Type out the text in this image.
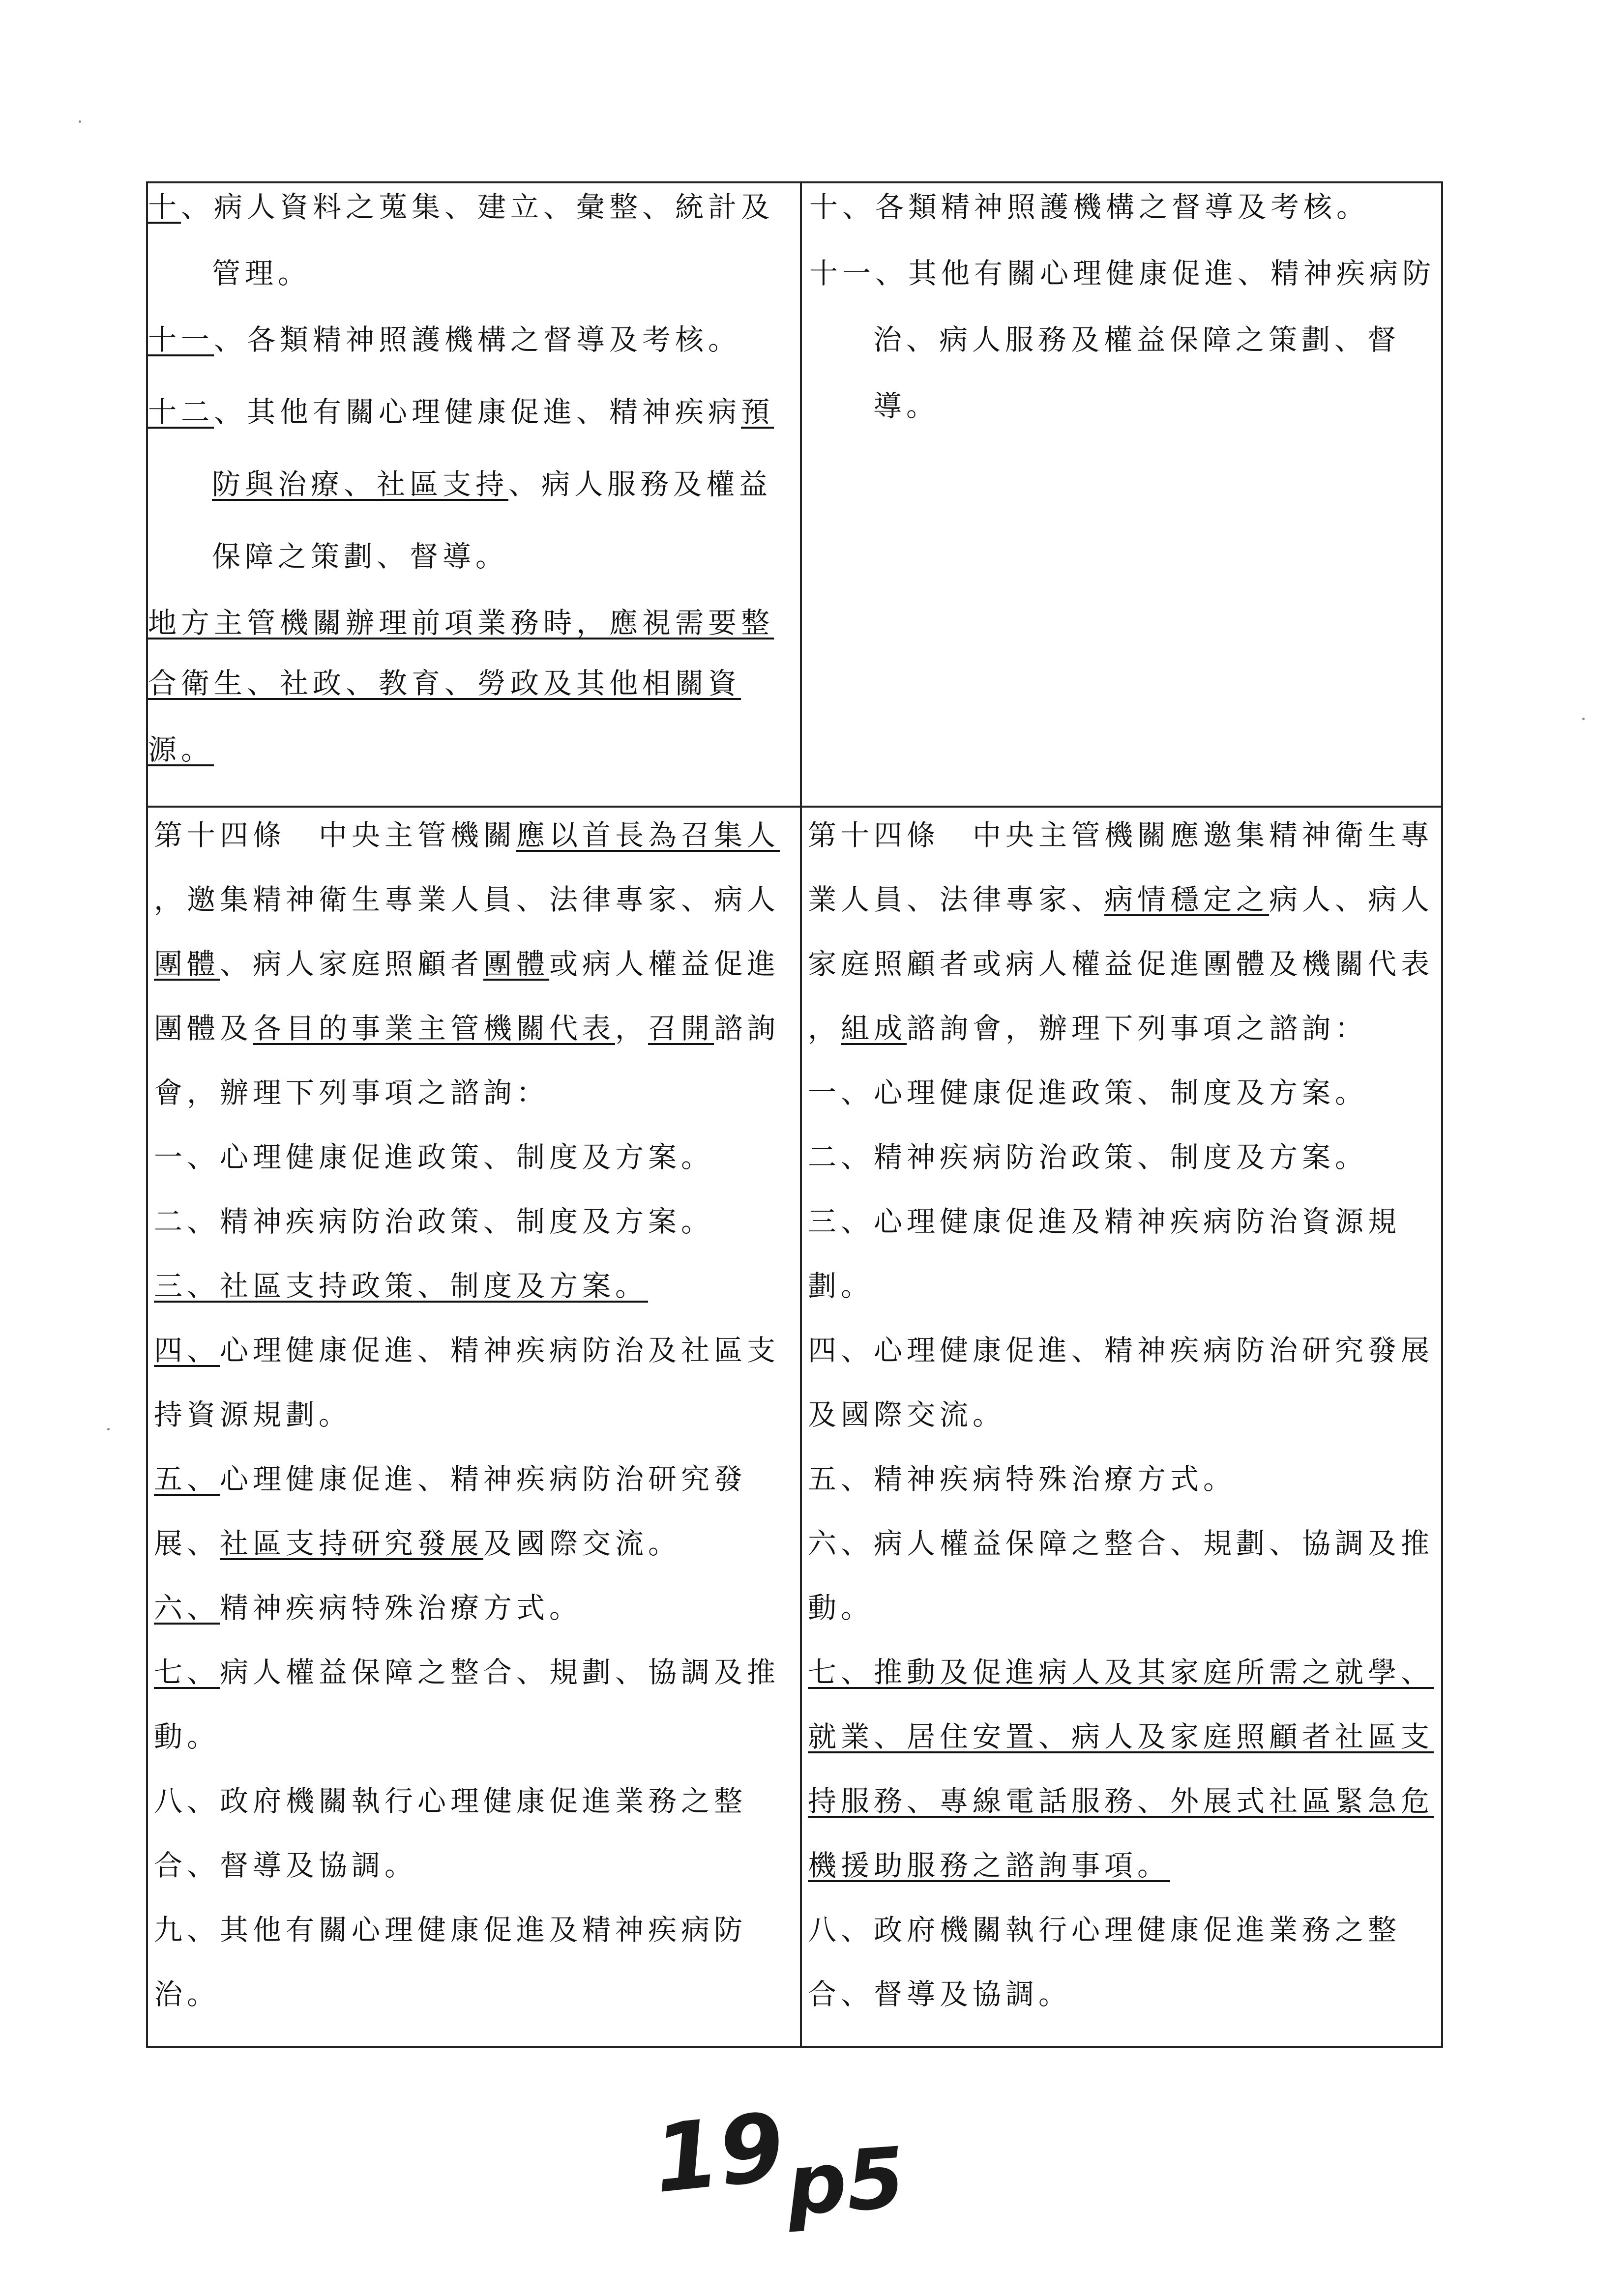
十、病人資料之蒐集、建立、彙整、統計及
管理。
十一、各類精神照護機構之督導及考核。
十二、其他有關心理健康促進、精神疾病預
防與治療、社區支持、病人服務及權益
保障之策劃、督導。
地方主管機關辦理前項業務時，應視需要整
合衛生、社政、教育、勞政及其他相關資
源。
十、各類精神照護機構之督導及考核。
十一、其他有關心理健康促進、精神疾病防
治、病人服務及權益保障之策劃、督
導。
第十四條　中央主管機關應以首長為召集人
，邀集精神衛生專業人員、法律專家、病人
團體、病人家庭照顧者團體或病人權益促進
團體及各目的事業主管機關代表，召開諮詢
會，辦理下列事項之諮詢：
一、心理健康促進政策、制度及方案。
二、精神疾病防治政策、制度及方案。
三、社區支持政策、制度及方案。
四、心理健康促進、精神疾病防治及社區支
持資源規劃。
五、心理健康促進、精神疾病防治研究發
展、社區支持研究發展及國際交流。
六、精神疾病特殊治療方式。
七、病人權益保障之整合、規劃、協調及推
動。
八、政府機關執行心理健康促進業務之整
合、督導及協調。
九、其他有關心理健康促進及精神疾病防
治。
第十四條　中央主管機關應邀集精神衛生專
業人員、法律專家、病情穩定之病人、病人
家庭照顧者或病人權益促進團體及機關代表
，組成諮詢會，辦理下列事項之諮詢：
一、心理健康促進政策、制度及方案。
二、精神疾病防治政策、制度及方案。
三、心理健康促進及精神疾病防治資源規
劃。
四、心理健康促進、精神疾病防治研究發展
及國際交流。
五、精神疾病特殊治療方式。
六、病人權益保障之整合、規劃、協調及推
動。
七、推動及促進病人及其家庭所需之就學、
就業、居住安置、病人及家庭照顧者社區支
持服務、專線電話服務、外展式社區緊急危
機援助服務之諮詢事項。
八、政府機關執行心理健康促進業務之整
合、督導及協調。
19
p5
